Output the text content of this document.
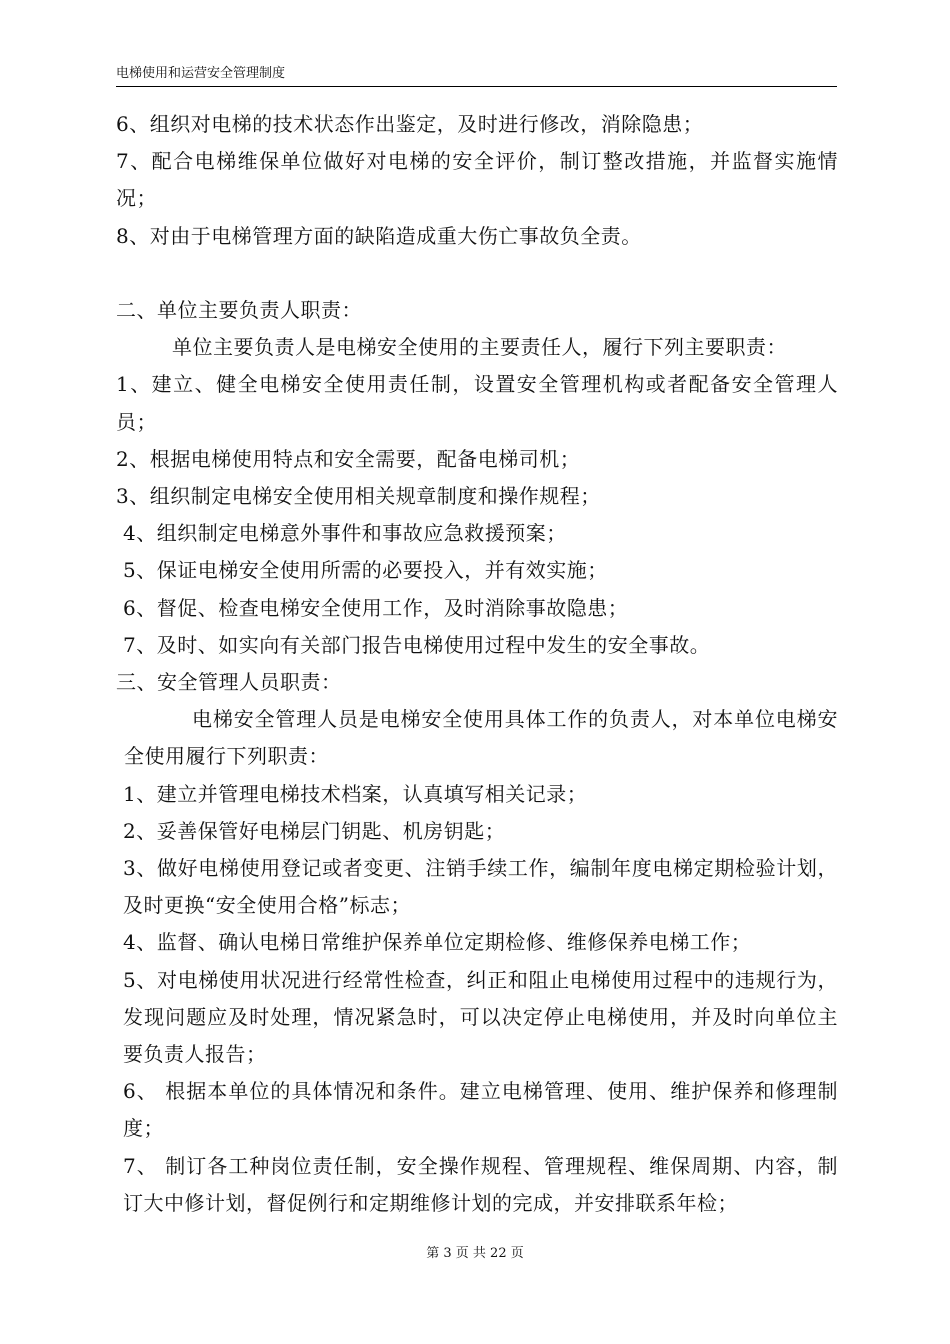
电梯使用和运营安全管理制度

6、组织对电梯的技术状态作出鉴定，及时进行修改，消除隐患；

7、配合电梯维保单位做好对电梯的安全评价，制订整改措施，并监督实施情况；

8、对由于电梯管理方面的缺陷造成重大伤亡事故负全责。

二、单位主要负责人职责：

单位主要负责人是电梯安全使用的主要责任人，履行下列主要职责：

1、建立、健全电梯安全使用责任制，设置安全管理机构或者配备安全管理人员；

2、根据电梯使用特点和安全需要，配备电梯司机；

3、组织制定电梯安全使用相关规章制度和操作规程；

4、组织制定电梯意外事件和事故应急救援预案；

5、保证电梯安全使用所需的必要投入，并有效实施；

6、督促、检查电梯安全使用工作，及时消除事故隐患；

7、及时、如实向有关部门报告电梯使用过程中发生的安全事故。

三、安全管理人员职责：

电梯安全管理人员是电梯安全使用具体工作的负责人，对本单位电梯安全使用履行下列职责：

1、建立并管理电梯技术档案，认真填写相关记录；

2、妥善保管好电梯层门钥匙、机房钥匙；

3、做好电梯使用登记或者变更、注销手续工作，编制年度电梯定期检验计划，及时更换“安全使用合格”标志；

4、监督、确认电梯日常维护保养单位定期检修、维修保养电梯工作；

5、对电梯使用状况进行经常性检查，纠正和阻止电梯使用过程中的违规行为，发现问题应及时处理，情况紧急时，可以决定停止电梯使用，并及时向单位主要负责人报告；

6、 根据本单位的具体情况和条件。建立电梯管理、使用、维护保养和修理制度；

7、 制订各工种岗位责任制，安全操作规程、管理规程、维保周期、内容，制订大中修计划，督促例行和定期维修计划的完成，并安排联系年检；

第 3 页 共 22 页
